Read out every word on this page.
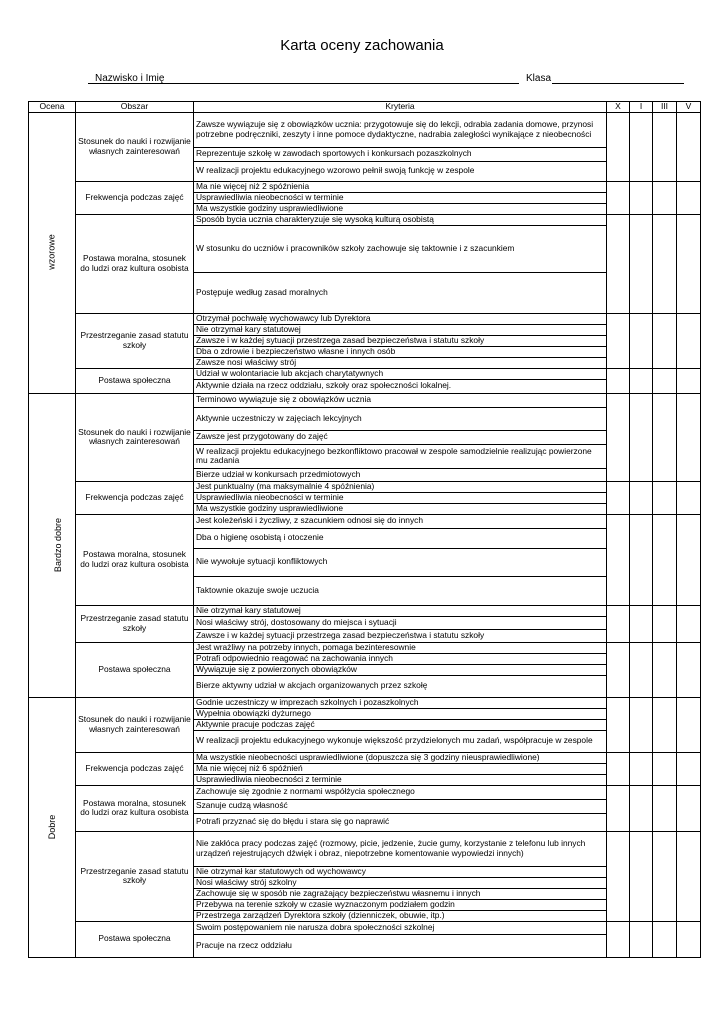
Karta oceny zachowania
Nazwisko i Imię	Klasa
Ocena	Obszar	Kryteria	X	I	III	V
wzorowe	Stosunek do nauki i rozwijanie własnych zainteresowań	Zawsze wywiązuje się z obowiązków ucznia: przygotowuje się do lekcji, odrabia zadania domowe, przynosi potrzebne podręczniki, zeszyty i inne pomoce dydaktyczne, nadrabia zaległości wynikające z nieobecności				
		Reprezentuje szkołę w zawodach sportowych i konkursach pozaszkolnych				
		W realizacji projektu edukacyjnego wzorowo pełnił swoją funkcję w zespole				
	Frekwencja podczas zajęć	Ma nie więcej niż 2 spóźnienia				
		Usprawiedliwia nieobecności w terminie				
		Ma wszystkie godziny usprawiedliwione				
	Postawa moralna, stosunek do ludzi oraz kultura osobista	Sposób bycia ucznia charakteryzuje się wysoką kulturą osobistą				
		W stosunku do uczniów i pracowników szkoły zachowuje się taktownie i z szacunkiem				
		Postępuje według zasad moralnych				
	Przestrzeganie zasad statutu szkoły	Otrzymał pochwałę wychowawcy lub Dyrektora				
		Nie otrzymał kary statutowej				
		Zawsze i w każdej sytuacji przestrzega zasad bezpieczeństwa i statutu szkoły				
		Dba o zdrowie i bezpieczeństwo własne i innych osób				
		Zawsze nosi właściwy strój				
	Postawa społeczna	Udział w wolontariacie lub akcjach charytatywnych				
		Aktywnie działa na rzecz oddziału, szkoły oraz społeczności lokalnej.				
Bardzo dobre	Stosunek do nauki i rozwijanie własnych zainteresowań	Terminowo wywiązuje się z obowiązków ucznia				
		Aktywnie uczestniczy w zajęciach lekcyjnych				
		Zawsze jest przygotowany do zajęć				
		W realizacji projektu edukacyjnego bezkonfliktowo pracował w zespole samodzielnie realizując powierzone mu zadania				
		Bierze udział w konkursach przedmiotowych				
	Frekwencja podczas zajęć	Jest punktualny (ma maksymalnie 4 spóźnienia)				
		Usprawiedliwia nieobecności w terminie				
		Ma wszystkie godziny usprawiedliwione				
	Postawa moralna, stosunek do ludzi oraz kultura osobista	Jest koleżeński i życzliwy, z szacunkiem odnosi się do innych				
		Dba o higienę osobistą i otoczenie				
		Nie wywołuje sytuacji konfliktowych				
		Taktownie okazuje swoje uczucia				
	Przestrzeganie zasad statutu szkoły	Nie otrzymał kary statutowej				
		Nosi właściwy strój, dostosowany do miejsca i sytuacji				
		Zawsze i w każdej sytuacji przestrzega zasad bezpieczeństwa i statutu szkoły				
	Postawa społeczna	Jest wrażliwy na potrzeby innych, pomaga bezinteresownie				
		Potrafi odpowiednio reagować na zachowania innych				
		Wywiązuje się z powierzonych obowiązków				
		Bierze aktywny udział w akcjach organizowanych przez szkołę				
Dobre	Stosunek do nauki i rozwijanie własnych zainteresowań	Godnie uczestniczy w imprezach szkolnych i pozaszkolnych				
		Wypełnia obowiązki dyżurnego				
		Aktywnie pracuje podczas zajęć				
		W realizacji projektu edukacyjnego wykonuje większość przydzielonych mu zadań, współpracuje w zespole				
	Frekwencja podczas zajęć	Ma wszystkie nieobecności usprawiedliwione (dopuszcza się 3 godziny nieusprawiedliwione)				
		Ma nie więcej niż 6 spóźnień				
		Usprawiedliwia nieobecności z terminie				
	Postawa moralna, stosunek do ludzi oraz kultura osobista	Zachowuje się zgodnie z normami współżycia społecznego				
		Szanuje cudzą własność				
		Potrafi przyznać się do błędu i stara się go naprawić				
	Przestrzeganie zasad statutu szkoły	Nie zakłóca pracy podczas zajęć (rozmowy, picie, jedzenie, żucie gumy, korzystanie z telefonu lub innych urządzeń rejestrujących dźwięk i obraz, niepotrzebne komentowanie wypowiedzi innych)				
		Nie otrzymał kar statutowych od wychowawcy				
		Nosi właściwy strój szkolny				
		Zachowuje się w sposób nie zagrażający bezpieczeństwu własnemu i innych				
		Przebywa na terenie szkoły w czasie wyznaczonym podziałem godzin				
		Przestrzega zarządzeń Dyrektora szkoły (dzienniczek, obuwie, itp.)				
	Postawa społeczna	Swoim postępowaniem nie narusza dobra społeczności szkolnej				
		Pracuje na rzecz oddziału				
